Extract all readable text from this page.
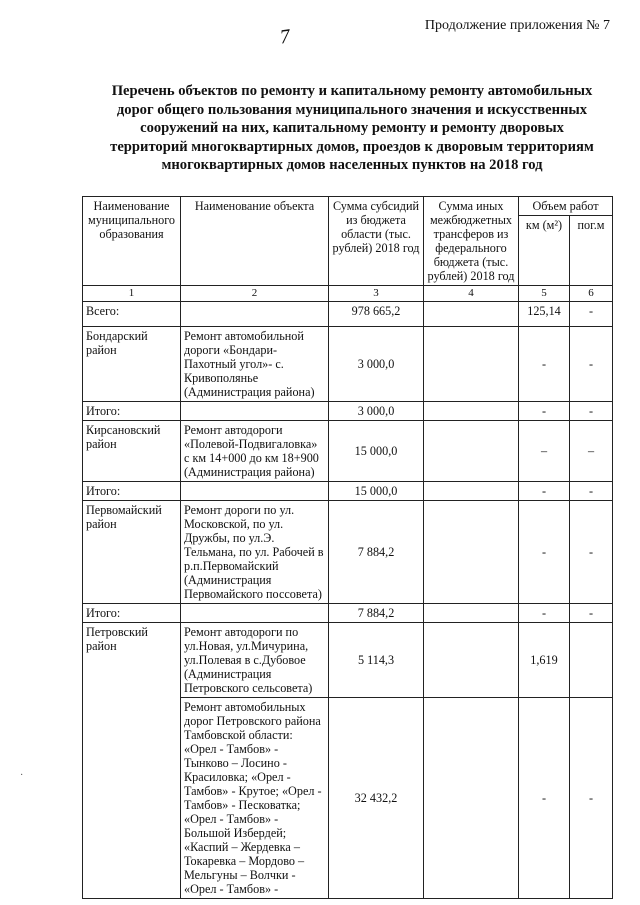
7	Продолжение приложения № 7
Перечень объектов по ремонту и капитальному ремонту автомобильных
дорог общего пользования муниципального значения и искусственных
сооружений на них, капитальному ремонту и ремонту дворовых
территорий многоквартирных домов, проездов к дворовым территориям
многоквартирных домов населенных пунктов на 2018 год
Наименование муниципального образования	Наименование объекта	Сумма субсидий из бюджета области (тыс. рублей) 2018 год	Сумма иных межбюджетных трансферов из федерального бюджета (тыс. рублей) 2018 год	Объем работ	
				км (м²)	пог.м
1	2	3	4	5	6
Всего:		978 665,2		125,14	-
Бондарский район	Ремонт автомобильной дороги «Бондари-Пахотный угол»- с. Кривополянье (Администрация района)	3 000,0		-	-
Итого:		3 000,0		-	-
Кирсановский район	Ремонт автодороги «Полевой-Подвигаловка» с км 14+000 до км 18+900 (Администрация района)	15 000,0		–	–
Итого:		15 000,0		-	-
Первомайский район	Ремонт дороги по ул. Московской, по ул. Дружбы, по ул.Э. Тельмана, по ул. Рабочей в р.п.Первомайский (Администрация Первомайского поссовета)	7 884,2		-	-
Итого:		7 884,2		-	-
Петровский район	Ремонт автодороги по ул.Новая, ул.Мичурина, ул.Полевая в с.Дубовое (Администрация Петровского сельсовета)	5 114,3		1,619	
	Ремонт автомобильных дорог Петровского района Тамбовской области: «Орел - Тамбов» - Тынково – Лосино - Красиловка; «Орел - Тамбов» - Крутое; «Орел - Тамбов» - Песковатка; «Орел - Тамбов» - Большой Избердей; «Каспий – Жердевка – Токаревка – Мордово – Мельгуны – Волчки - «Орел - Тамбов» -	32 432,2		-	-
·
